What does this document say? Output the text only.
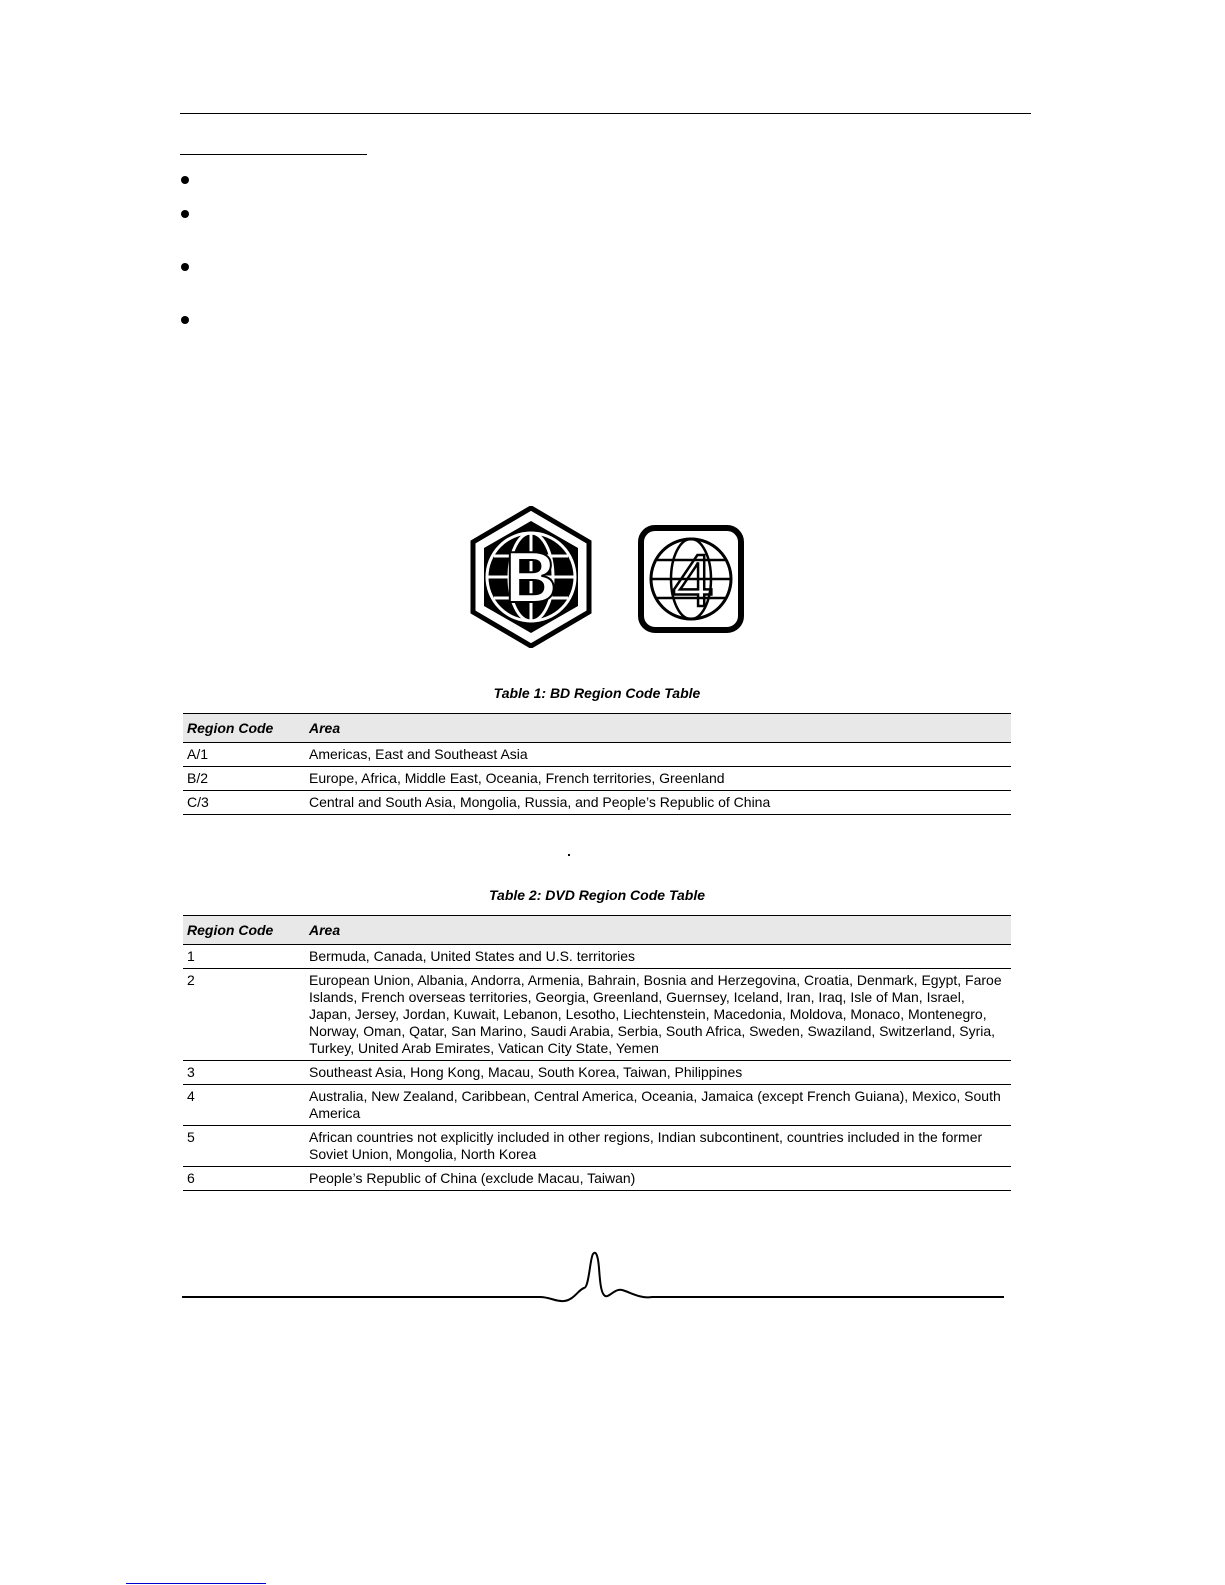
B 4
Table 1: BD Region Code Table
Region Code	Area
A/1	Americas, East and Southeast Asia
B/2	Europe, Africa, Middle East, Oceania, French territories, Greenland
C/3	Central and South Asia, Mongolia, Russia, and People’s Republic of China
Table 2: DVD Region Code Table
Region Code	Area
1	Bermuda, Canada, United States and U.S. territories
2	European Union, Albania, Andorra, Armenia, Bahrain, Bosnia and Herzegovina, Croatia, Denmark, Egypt, Faroe Islands, French overseas territories, Georgia, Greenland, Guernsey, Iceland, Iran, Iraq, Isle of Man, Israel, Japan, Jersey, Jordan, Kuwait, Lebanon, Lesotho, Liechtenstein, Macedonia, Moldova, Monaco, Montenegro, Norway, Oman, Qatar, San Marino, Saudi Arabia, Serbia, South Africa, Sweden, Swaziland, Switzerland, Syria, Turkey, United Arab Emirates, Vatican City State, Yemen
3	Southeast Asia, Hong Kong, Macau, South Korea, Taiwan, Philippines
4	Australia, New Zealand, Caribbean, Central America, Oceania, Jamaica (except French Guiana), Mexico, South America
5	African countries not explicitly included in other regions, Indian subcontinent, countries included in the former Soviet Union, Mongolia, North Korea
6	People’s Republic of China (exclude Macau, Taiwan)
